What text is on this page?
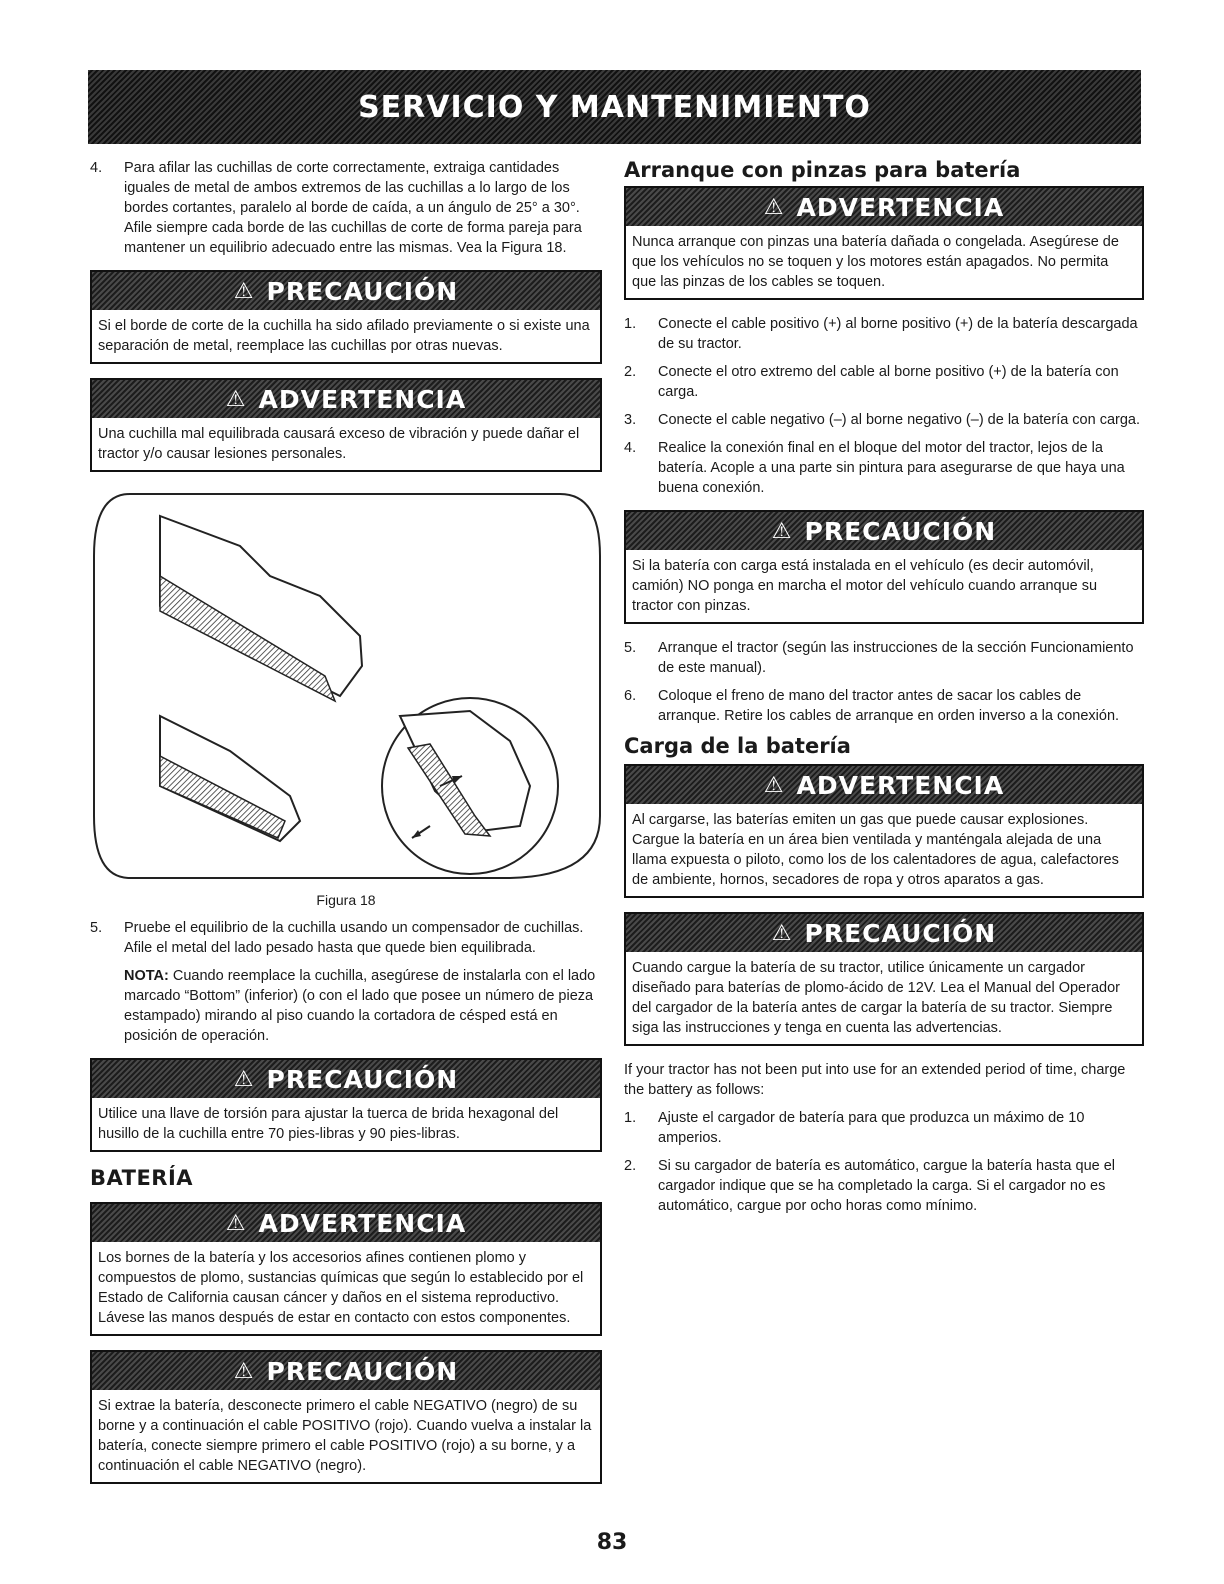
SERVICIO Y MANTENIMIENTO
4.	Para afilar las cuchillas de corte correctamente, extraiga cantidades iguales de metal de ambos extremos de las cuchillas a lo largo de los bordes cortantes, paralelo al borde de caída, a un ángulo de 25° a 30°. Afile siempre cada borde de las cuchillas de corte de forma pareja para mantener un equilibrio adecuado entre las mismas. Vea la Figura 18.
⚠ PRECAUCIÓN
Si el borde de corte de la cuchilla ha sido afilado previamente o si existe una separación de metal, reemplace las cuchillas por otras nuevas.
⚠ ADVERTENCIA
Una cuchilla mal equilibrada causará exceso de vibración y puede dañar el tractor y/o causar lesiones personales.
Figura 18
5.	Pruebe el equilibrio de la cuchilla usando un compensador de cuchillas. Afile el metal del lado pesado hasta que quede bien equilibrada.
NOTA: Cuando reemplace la cuchilla, asegúrese de instalarla con el lado marcado “Bottom” (inferior) (o con el lado que posee un número de pieza estampado) mirando al piso cuando la cortadora de césped está en posición de operación.
⚠ PRECAUCIÓN
Utilice una llave de torsión para ajustar la tuerca de brida hexagonal del husillo de la cuchilla entre 70 pies-libras y 90 pies-libras.
BATERÍA
⚠ ADVERTENCIA
Los bornes de la batería y los accesorios afines contienen plomo y compuestos de plomo, sustancias químicas que según lo establecido por el Estado de California causan cáncer y daños en el sistema reproductivo. Lávese las manos después de estar en contacto con estos componentes.
⚠ PRECAUCIÓN
Si extrae la batería, desconecte primero el cable NEGATIVO (negro) de su borne y a continuación el cable POSITIVO (rojo). Cuando vuelva a instalar la batería, conecte siempre primero el cable POSITIVO (rojo) a su borne, y a continuación el cable NEGATIVO (negro).
Arranque con pinzas para batería
⚠ ADVERTENCIA
Nunca arranque con pinzas una batería dañada o congelada. Asegúrese de que los vehículos no se toquen y los motores están apagados. No permita que las pinzas de los cables se toquen.
1.	Conecte el cable positivo (+) al borne positivo (+) de la batería descargada de su tractor.
2.	Conecte el otro extremo del cable al borne positivo (+) de la batería con carga.
3.	Conecte el cable negativo (–) al borne negativo (–) de la batería con carga.
4.	Realice la conexión final en el bloque del motor del tractor, lejos de la batería. Acople a una parte sin pintura para asegurarse de que haya una buena conexión.
⚠ PRECAUCIÓN
Si la batería con carga está instalada en el vehículo (es decir automóvil, camión) NO ponga en marcha el motor del vehículo cuando arranque su tractor con pinzas.
5.	Arranque el tractor (según las instrucciones de la sección Funcionamiento de este manual).
6.	Coloque el freno de mano del tractor antes de sacar los cables de arranque. Retire los cables de arranque en orden inverso a la conexión.
Carga de la batería
⚠ ADVERTENCIA
Al cargarse, las baterías emiten un gas que puede causar explosiones. Cargue la batería en un área bien ventilada y manténgala alejada de una llama expuesta o piloto, como los de los calentadores de agua, calefactores de ambiente, hornos, secadores de ropa y otros aparatos a gas.
⚠ PRECAUCIÓN
Cuando cargue la batería de su tractor, utilice únicamente un cargador diseñado para baterías de plomo-ácido de 12V. Lea el Manual del Operador del cargador de la batería antes de cargar la batería de su tractor. Siempre siga las instrucciones y tenga en cuenta las advertencias.

If your tractor has not been put into use for an extended period of time, charge the battery as follows:

1.	Ajuste el cargador de batería para que produzca un máximo de 10 amperios.
2.	Si su cargador de batería es automático, cargue la batería hasta que el cargador indique que se ha completado la carga. Si el cargador no es automático, cargue por ocho horas como mínimo.
83
